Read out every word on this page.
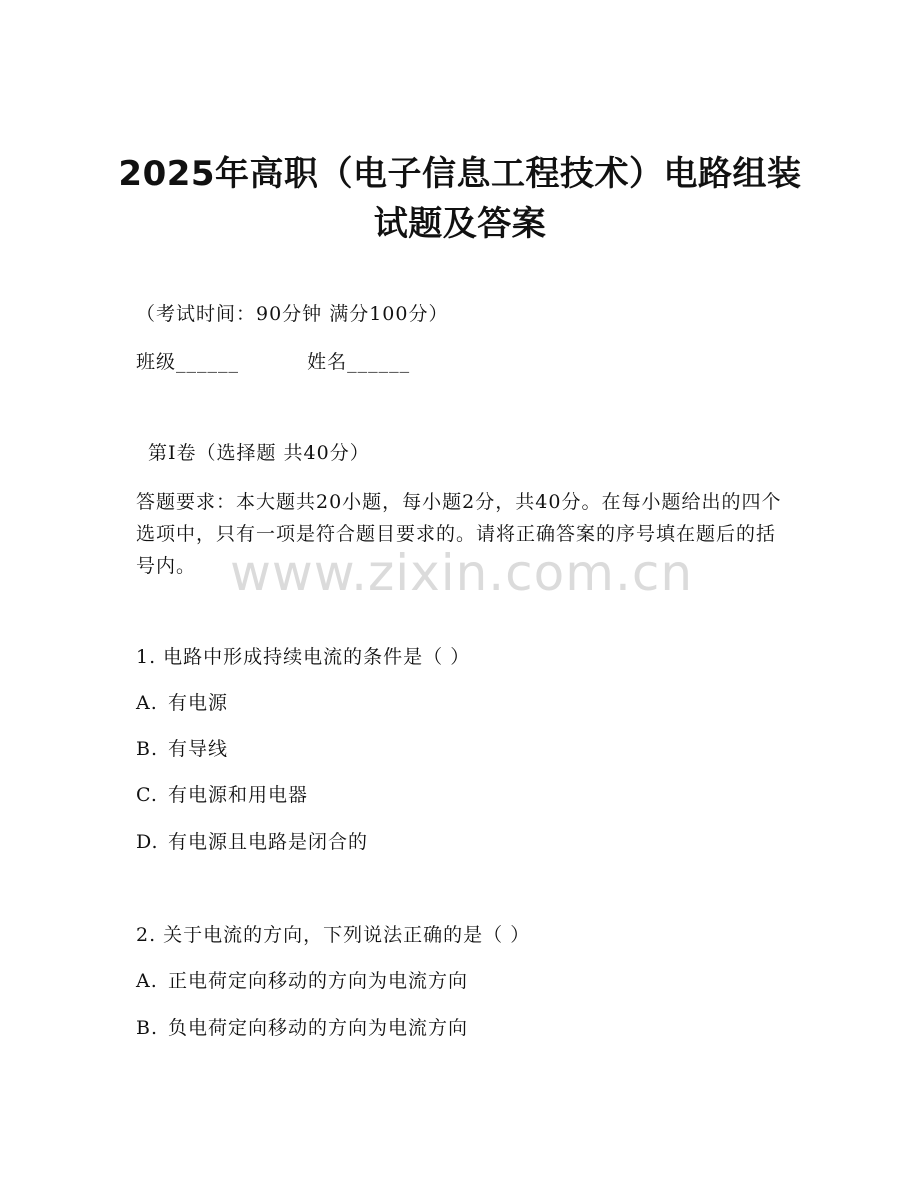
2025年高职（电子信息工程技术）电路组装
试题及答案
（考试时间：90分钟 满分100分）
班级______	姓名______
第I卷（选择题 共40分）
答题要求：本大题共20小题，每小题2分，共40分。在每小题给出的四个选项中，只有一项是符合题目要求的。请将正确答案的序号填在题后的括号内。 www.zixin.com.cn
1. 电路中形成持续电流的条件是（ ）
A. 有电源
B. 有导线
C. 有电源和用电器
D. 有电源且电路是闭合的
2. 关于电流的方向，下列说法正确的是（ ）
A. 正电荷定向移动的方向为电流方向
B. 负电荷定向移动的方向为电流方向
